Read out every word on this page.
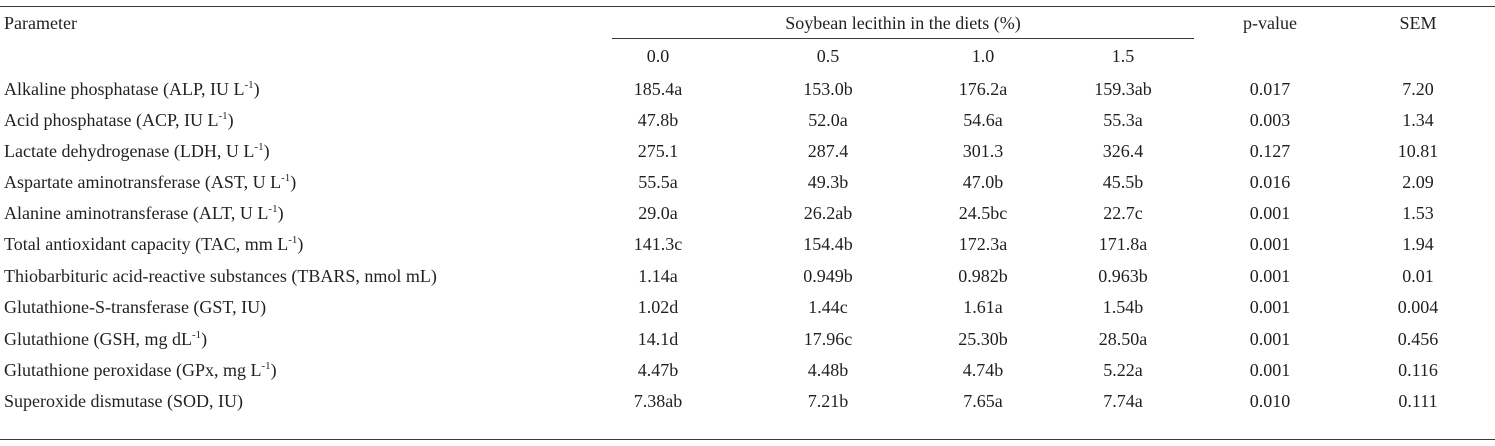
Parameter	Soybean lecithin in the diets (%)	p-value	SEM
0.0	0.5	1.0	1.5
Alkaline phosphatase (ALP, IU $L^{-1}$)	185.4a	153.0b	176.2a	159.3ab	0.017	7.20
Acid phosphatase (ACP, IU $L^{-1}$)	47.8b	52.0a	54.6a	55.3a	0.003	1.34
Lactate dehydrogenase (LDH, U $L^{-1}$)	275.1	287.4	301.3	326.4	0.127	10.81
Aspartate aminotransferase (AST, U $L^{-1}$)	55.5a	49.3b	47.0b	45.5b	0.016	2.09
Alanine aminotransferase (ALT, U $L^{-1}$)	29.0a	26.2ab	24.5bc	22.7c	0.001	1.53
Total antioxidant capacity (TAC, mm $L^{-1}$)	141.3c	154.4b	172.3a	171.8a	0.001	1.94
Thiobarbituric acid-reactive substances (TBARS, nmol mL)	1.14a	0.949b	0.982b	0.963b	0.001	0.01
Glutathione-S-transferase (GST, IU)	1.02d	1.44c	1.61a	1.54b	0.001	0.004
Glutathione (GSH, mg $dL^{-1}$)	14.1d	17.96c	25.30b	28.50a	0.001	0.456
Glutathione peroxidase (GPx, mg $L^{-1}$)	4.47b	4.48b	4.74b	5.22a	0.001	0.116
Superoxide dismutase (SOD, IU)	7.38ab	7.21b	7.65a	7.74a	0.010	0.111
